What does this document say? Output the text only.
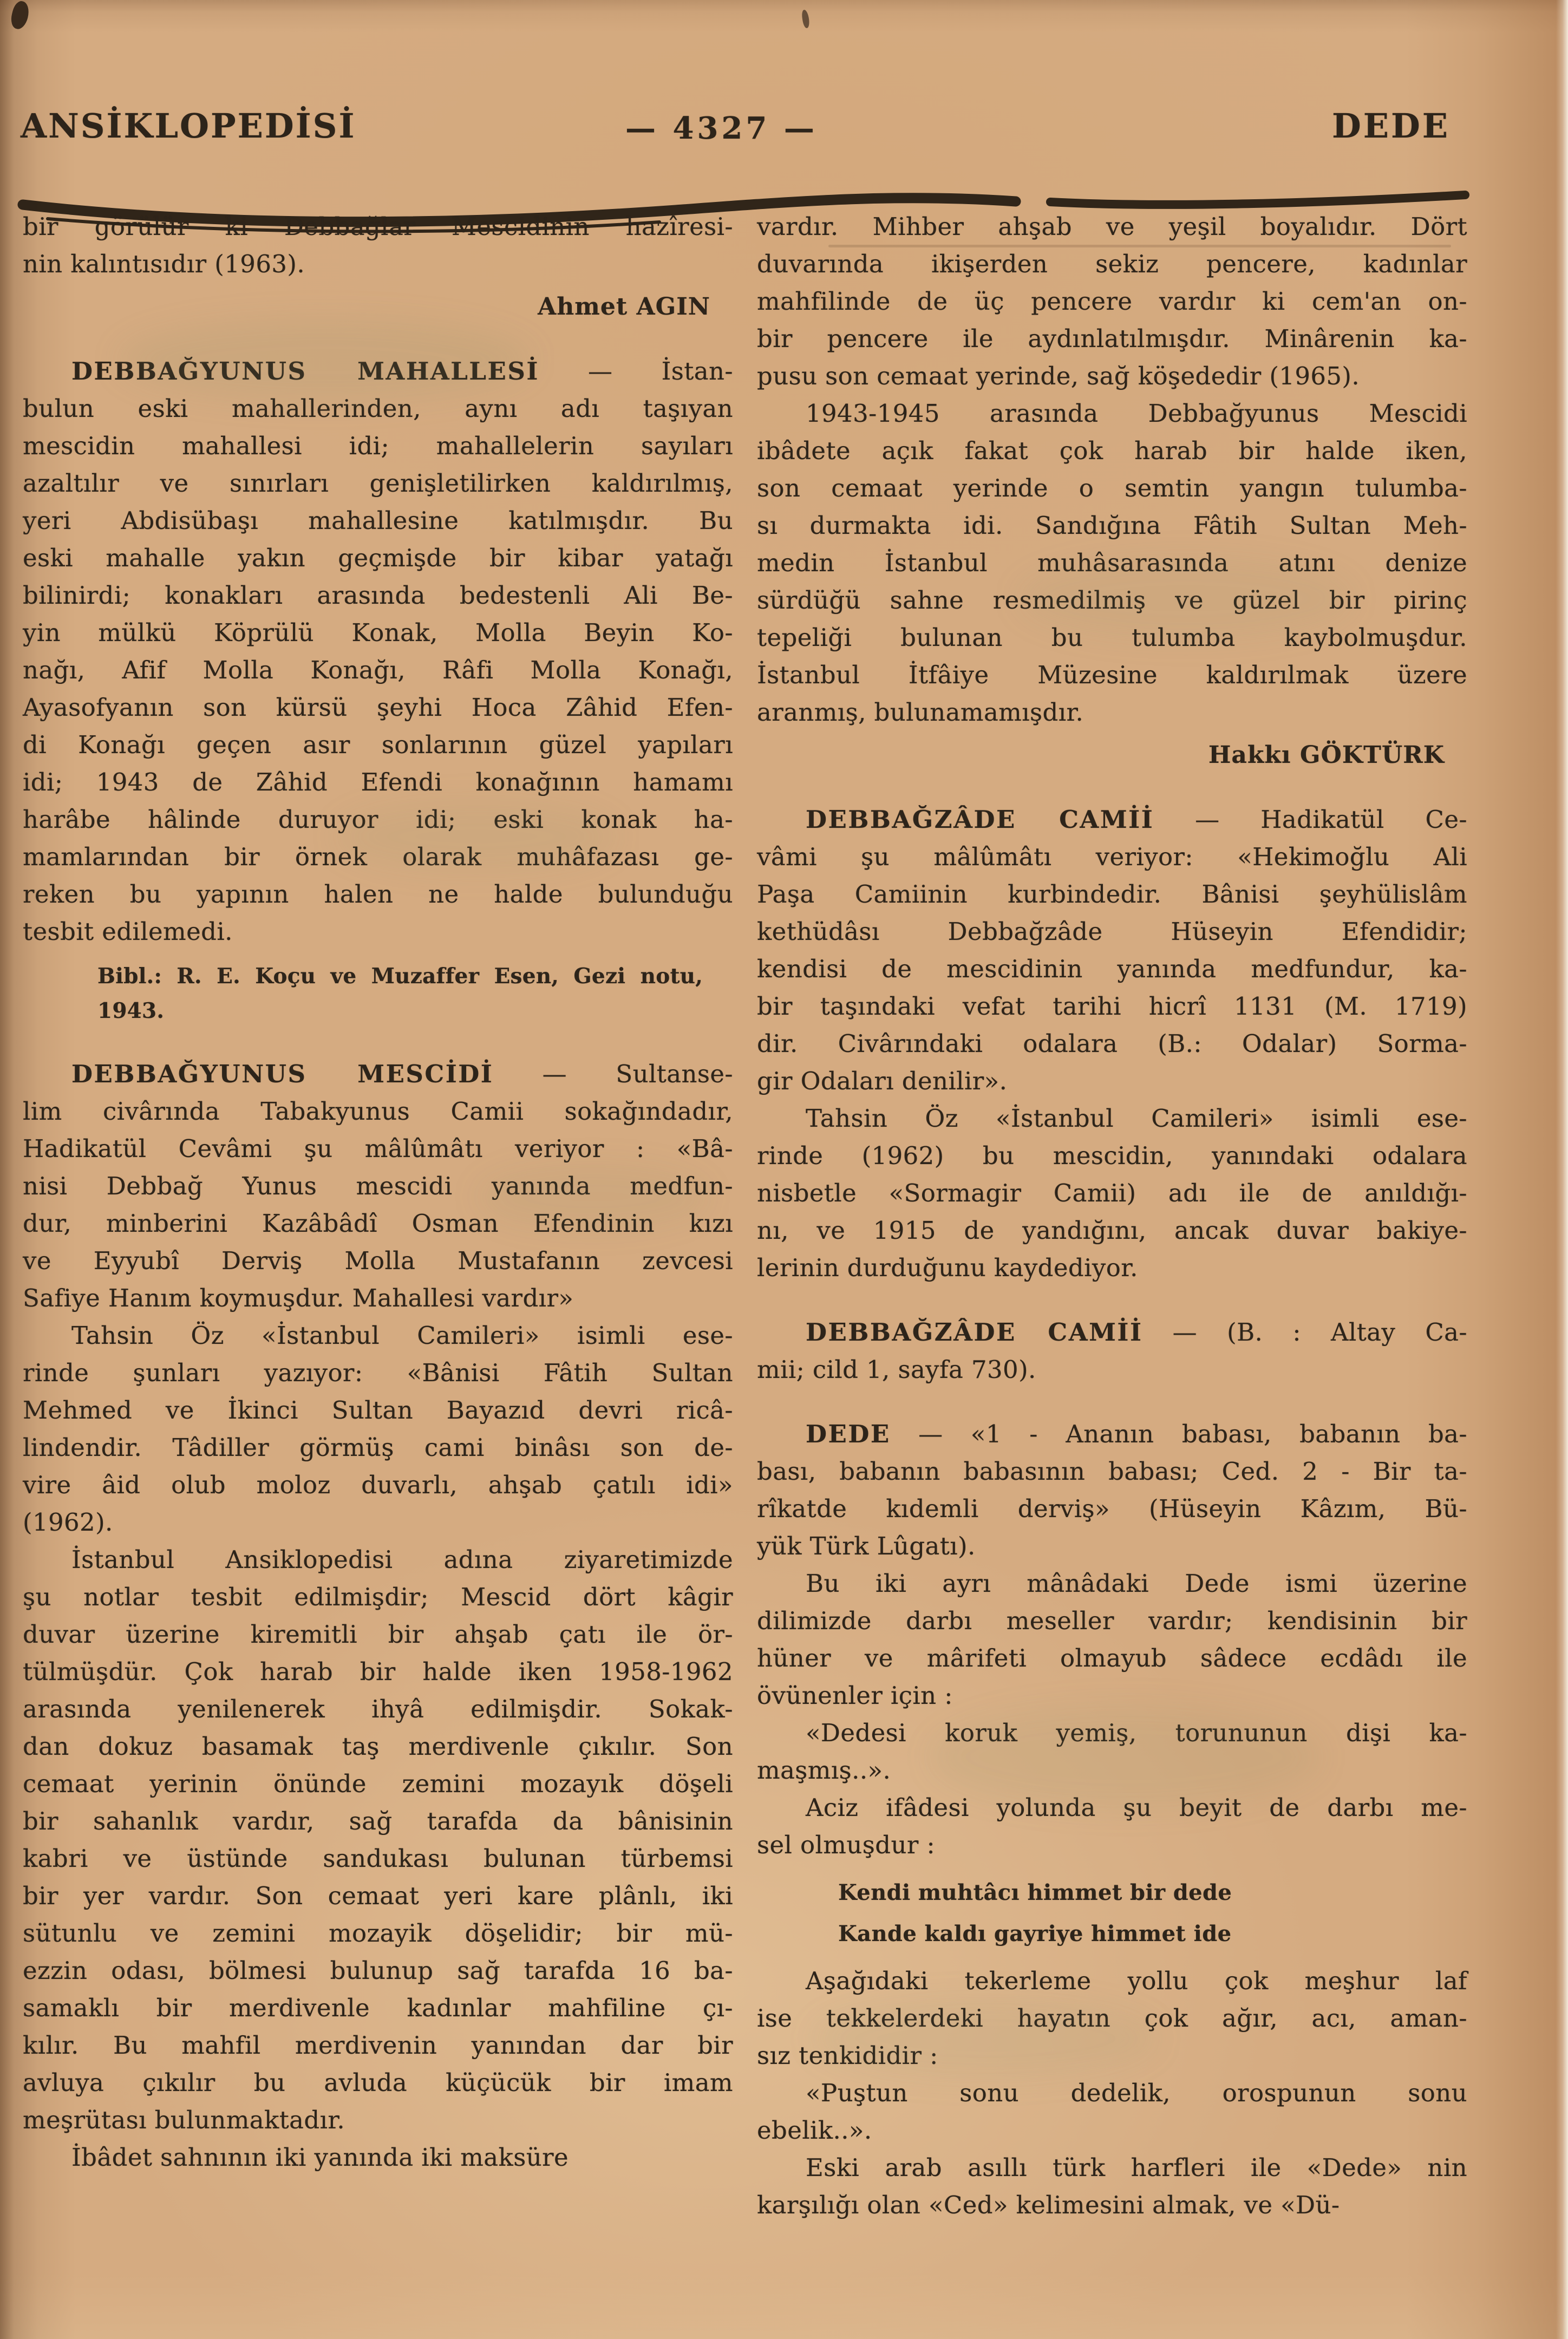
ANSİKLOPEDİSİ	— 4327 —	DEDE
bir görülür ki Debbağlar Mescidinin hazîresi-
nin kalıntısıdır (1963).
Ahmet AGIN
DEBBAĞYUNUS MAHALLESİ — İstan-
bulun eski mahallerinden, aynı adı taşıyan
mescidin mahallesi idi; mahallelerin sayıları
azaltılır ve sınırları genişletilirken kaldırılmış,
yeri Abdisübaşı mahallesine katılmışdır. Bu
eski mahalle yakın geçmişde bir kibar yatağı
bilinirdi; konakları arasında bedestenli Ali Be-
yin mülkü Köprülü Konak, Molla Beyin Ko-
nağı, Afif Molla Konağı, Râfi Molla Konağı,
Ayasofyanın son kürsü şeyhi Hoca Zâhid Efen-
di Konağı geçen asır sonlarının güzel yapıları
idi; 1943 de Zâhid Efendi konağının hamamı
harâbe hâlinde duruyor idi; eski konak ha-
mamlarından bir örnek olarak muhâfazası ge-
reken bu yapının halen ne halde bulunduğu
tesbit edilemedi.
Bibl.: R. E. Koçu ve Muzaffer Esen, Gezi notu,
1943.
DEBBAĞYUNUS MESCİDİ — Sultanse-
lim civârında Tabakyunus Camii sokağındadır,
Hadikatül Cevâmi şu mâlûmâtı veriyor : «Bâ-
nisi Debbağ Yunus mescidi yanında medfun-
dur, minberini Kazâbâdî Osman Efendinin kızı
ve Eyyubî Derviş Molla Mustafanın zevcesi
Safiye Hanım koymuşdur. Mahallesi vardır»
Tahsin Öz «İstanbul Camileri» isimli ese-
rinde şunları yazıyor: «Bânisi Fâtih Sultan
Mehmed ve İkinci Sultan Bayazıd devri ricâ-
lindendir. Tâdiller görmüş cami binâsı son de-
vire âid olub moloz duvarlı, ahşab çatılı idi»
(1962).
İstanbul Ansiklopedisi adına ziyaretimizde
şu notlar tesbit edilmişdir; Mescid dört kâgir
duvar üzerine kiremitli bir ahşab çatı ile ör-
tülmüşdür. Çok harab bir halde iken 1958-1962
arasında yenilenerek ihyâ edilmişdir. Sokak-
dan dokuz basamak taş merdivenle çıkılır. Son
cemaat yerinin önünde zemini mozayık döşeli
bir sahanlık vardır, sağ tarafda da bânisinin
kabri ve üstünde sandukası bulunan türbemsi
bir yer vardır. Son cemaat yeri kare plânlı, iki
sütunlu ve zemini mozayik döşelidir; bir mü-
ezzin odası, bölmesi bulunup sağ tarafda 16 ba-
samaklı bir merdivenle kadınlar mahfiline çı-
kılır. Bu mahfil merdivenin yanından dar bir
avluya çıkılır bu avluda küçücük bir imam
meşrütası bulunmaktadır.
İbâdet sahnının iki yanında iki maksüre
vardır. Mihber ahşab ve yeşil boyalıdır. Dört
duvarında ikişerden sekiz pencere, kadınlar
mahfilinde de üç pencere vardır ki cem'an on-
bir pencere ile aydınlatılmışdır. Minârenin ka-
pusu son cemaat yerinde, sağ köşededir (1965).
1943-1945 arasında Debbağyunus Mescidi
ibâdete açık fakat çok harab bir halde iken,
son cemaat yerinde o semtin yangın tulumba-
sı durmakta idi. Sandığına Fâtih Sultan Meh-
medin İstanbul muhâsarasında atını denize
sürdüğü sahne resmedilmiş ve güzel bir pirinç
tepeliği bulunan bu tulumba kaybolmuşdur.
İstanbul İtfâiye Müzesine kaldırılmak üzere
aranmış, bulunamamışdır.
Hakkı GÖKTÜRK
DEBBAĞZÂDE CAMİİ — Hadikatül Ce-
vâmi şu mâlûmâtı veriyor: «Hekimoğlu Ali
Paşa Camiinin kurbindedir. Bânisi şeyhülislâm
kethüdâsı Debbağzâde Hüseyin Efendidir;
kendisi de mescidinin yanında medfundur, ka-
bir taşındaki vefat tarihi hicrî 1131 (M. 1719)
dir. Civârındaki odalara (B.: Odalar) Sorma-
gir Odaları denilir».
Tahsin Öz «İstanbul Camileri» isimli ese-
rinde (1962) bu mescidin, yanındaki odalara
nisbetle «Sormagir Camii) adı ile de anıldığı-
nı, ve 1915 de yandığını, ancak duvar bakiye-
lerinin durduğunu kaydediyor.
DEBBAĞZÂDE CAMİİ — (B. : Altay Ca-
mii; cild 1, sayfa 730).
DEDE — «1 - Ananın babası, babanın ba-
bası, babanın babasının babası; Ced. 2 - Bir ta-
rîkatde kıdemli derviş» (Hüseyin Kâzım, Bü-
yük Türk Lûgatı).
Bu iki ayrı mânâdaki Dede ismi üzerine
dilimizde darbı meseller vardır; kendisinin bir
hüner ve mârifeti olmayub sâdece ecdâdı ile
övünenler için :
«Dedesi koruk yemiş, torununun dişi ka-
maşmış..».
Aciz ifâdesi yolunda şu beyit de darbı me-
sel olmuşdur :
Kendi muhtâcı himmet bir dede
Kande kaldı gayriye himmet ide
Aşağıdaki tekerleme yollu çok meşhur laf
ise tekkelerdeki hayatın çok ağır, acı, aman-
sız tenkididir :
«Puştun sonu dedelik, orospunun sonu
ebelik..».
Eski arab asıllı türk harfleri ile «Dede» nin
karşılığı olan «Ced» kelimesini almak, ve «Dü-
